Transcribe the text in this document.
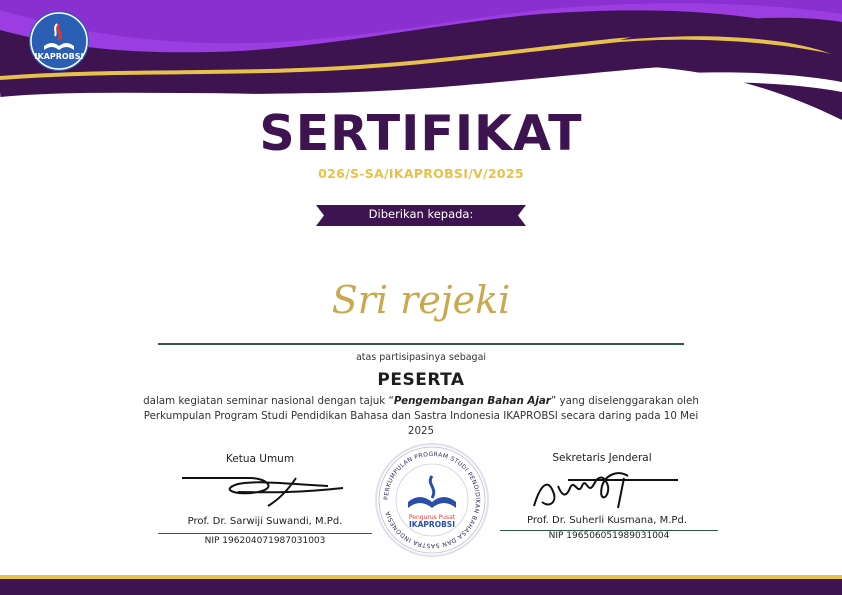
IKAPROBSI
SERTIFIKAT
026/S-SA/IKAPROBSI/V/2025
Diberikan kepada:
Sri rejeki
atas partisipasinya sebagai
PESERTA
dalam kegiatan seminar nasional dengan tajuk “Pengembangan Bahan Ajar” yang diselenggarakan oleh Perkumpulan Program Studi Pendidikan Bahasa dan Sastra Indonesia IKAPROBSI secara daring pada 10 Mei 2025
Ketua Umum
Prof. Dr. Sarwiji Suwandi, M.Pd.
NIP 196204071987031003
Sekretaris Jenderal
Prof. Dr. Suherli Kusmana, M.Pd.
NIP 196506051989031004
PERKUMPULAN PROGRAM STUDI PENDIDIKAN BAHASA DAN SASTRA INDONESIA
Pengurus Pusat
IKAPROBSI
